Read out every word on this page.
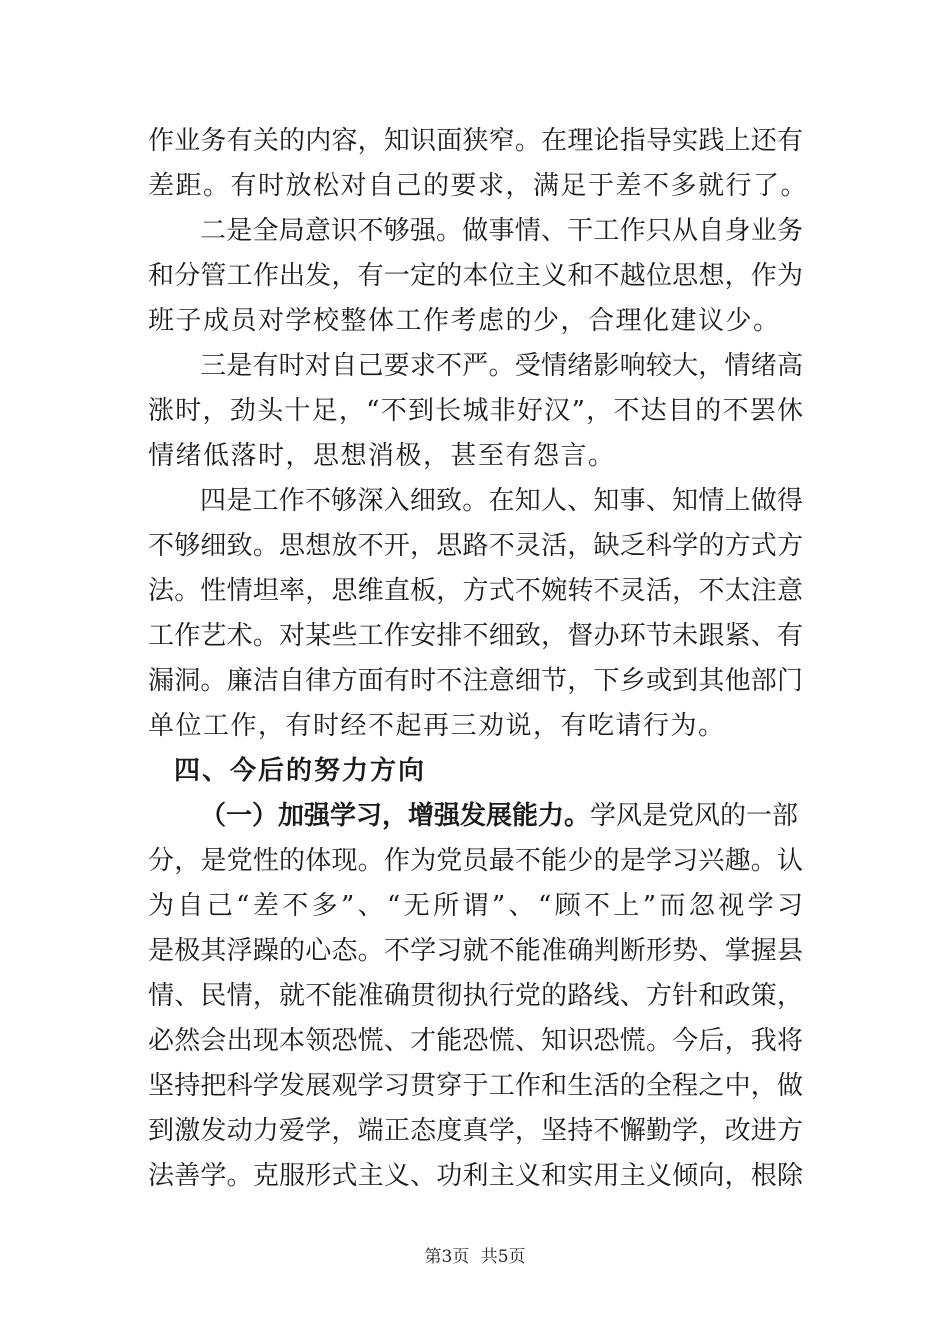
作业务有关的内容，知识面狭窄。在理论指导实践上还有
差距。有时放松对自己的要求，满足于差不多就行了。
二是全局意识不够强。做事情、干工作只从自身业务
和分管工作出发，有一定的本位主义和不越位思想，作为
班子成员对学校整体工作考虑的少，合理化建议少。
三是有时对自己要求不严。受情绪影响较大，情绪高
涨时，劲头十足，“不到长城非好汉”，不达目的不罢休
情绪低落时，思想消极，甚至有怨言。
四是工作不够深入细致。在知人、知事、知情上做得
不够细致。思想放不开，思路不灵活，缺乏科学的方式方
法。性情坦率，思维直板，方式不婉转不灵活，不太注意
工作艺术。对某些工作安排不细致，督办环节未跟紧、有
漏洞。廉洁自律方面有时不注意细节，下乡或到其他部门
单位工作，有时经不起再三劝说，有吃请行为。
四、今后的努力方向
（一）加强学习，增强发展能力。学风是党风的一部
分，是党性的体现。作为党员最不能少的是学习兴趣。认
为自己“差不多”、“无所谓”、“顾不上”而忽视学习
是极其浮躁的心态。不学习就不能准确判断形势、掌握县
情、民情，就不能准确贯彻执行党的路线、方针和政策，
必然会出现本领恐慌、才能恐慌、知识恐慌。今后，我将
坚持把科学发展观学习贯穿于工作和生活的全程之中，做
到激发动力爱学，端正态度真学，坚持不懈勤学，改进方
法善学。克服形式主义、功利主义和实用主义倾向，根除
第3页 共5页
